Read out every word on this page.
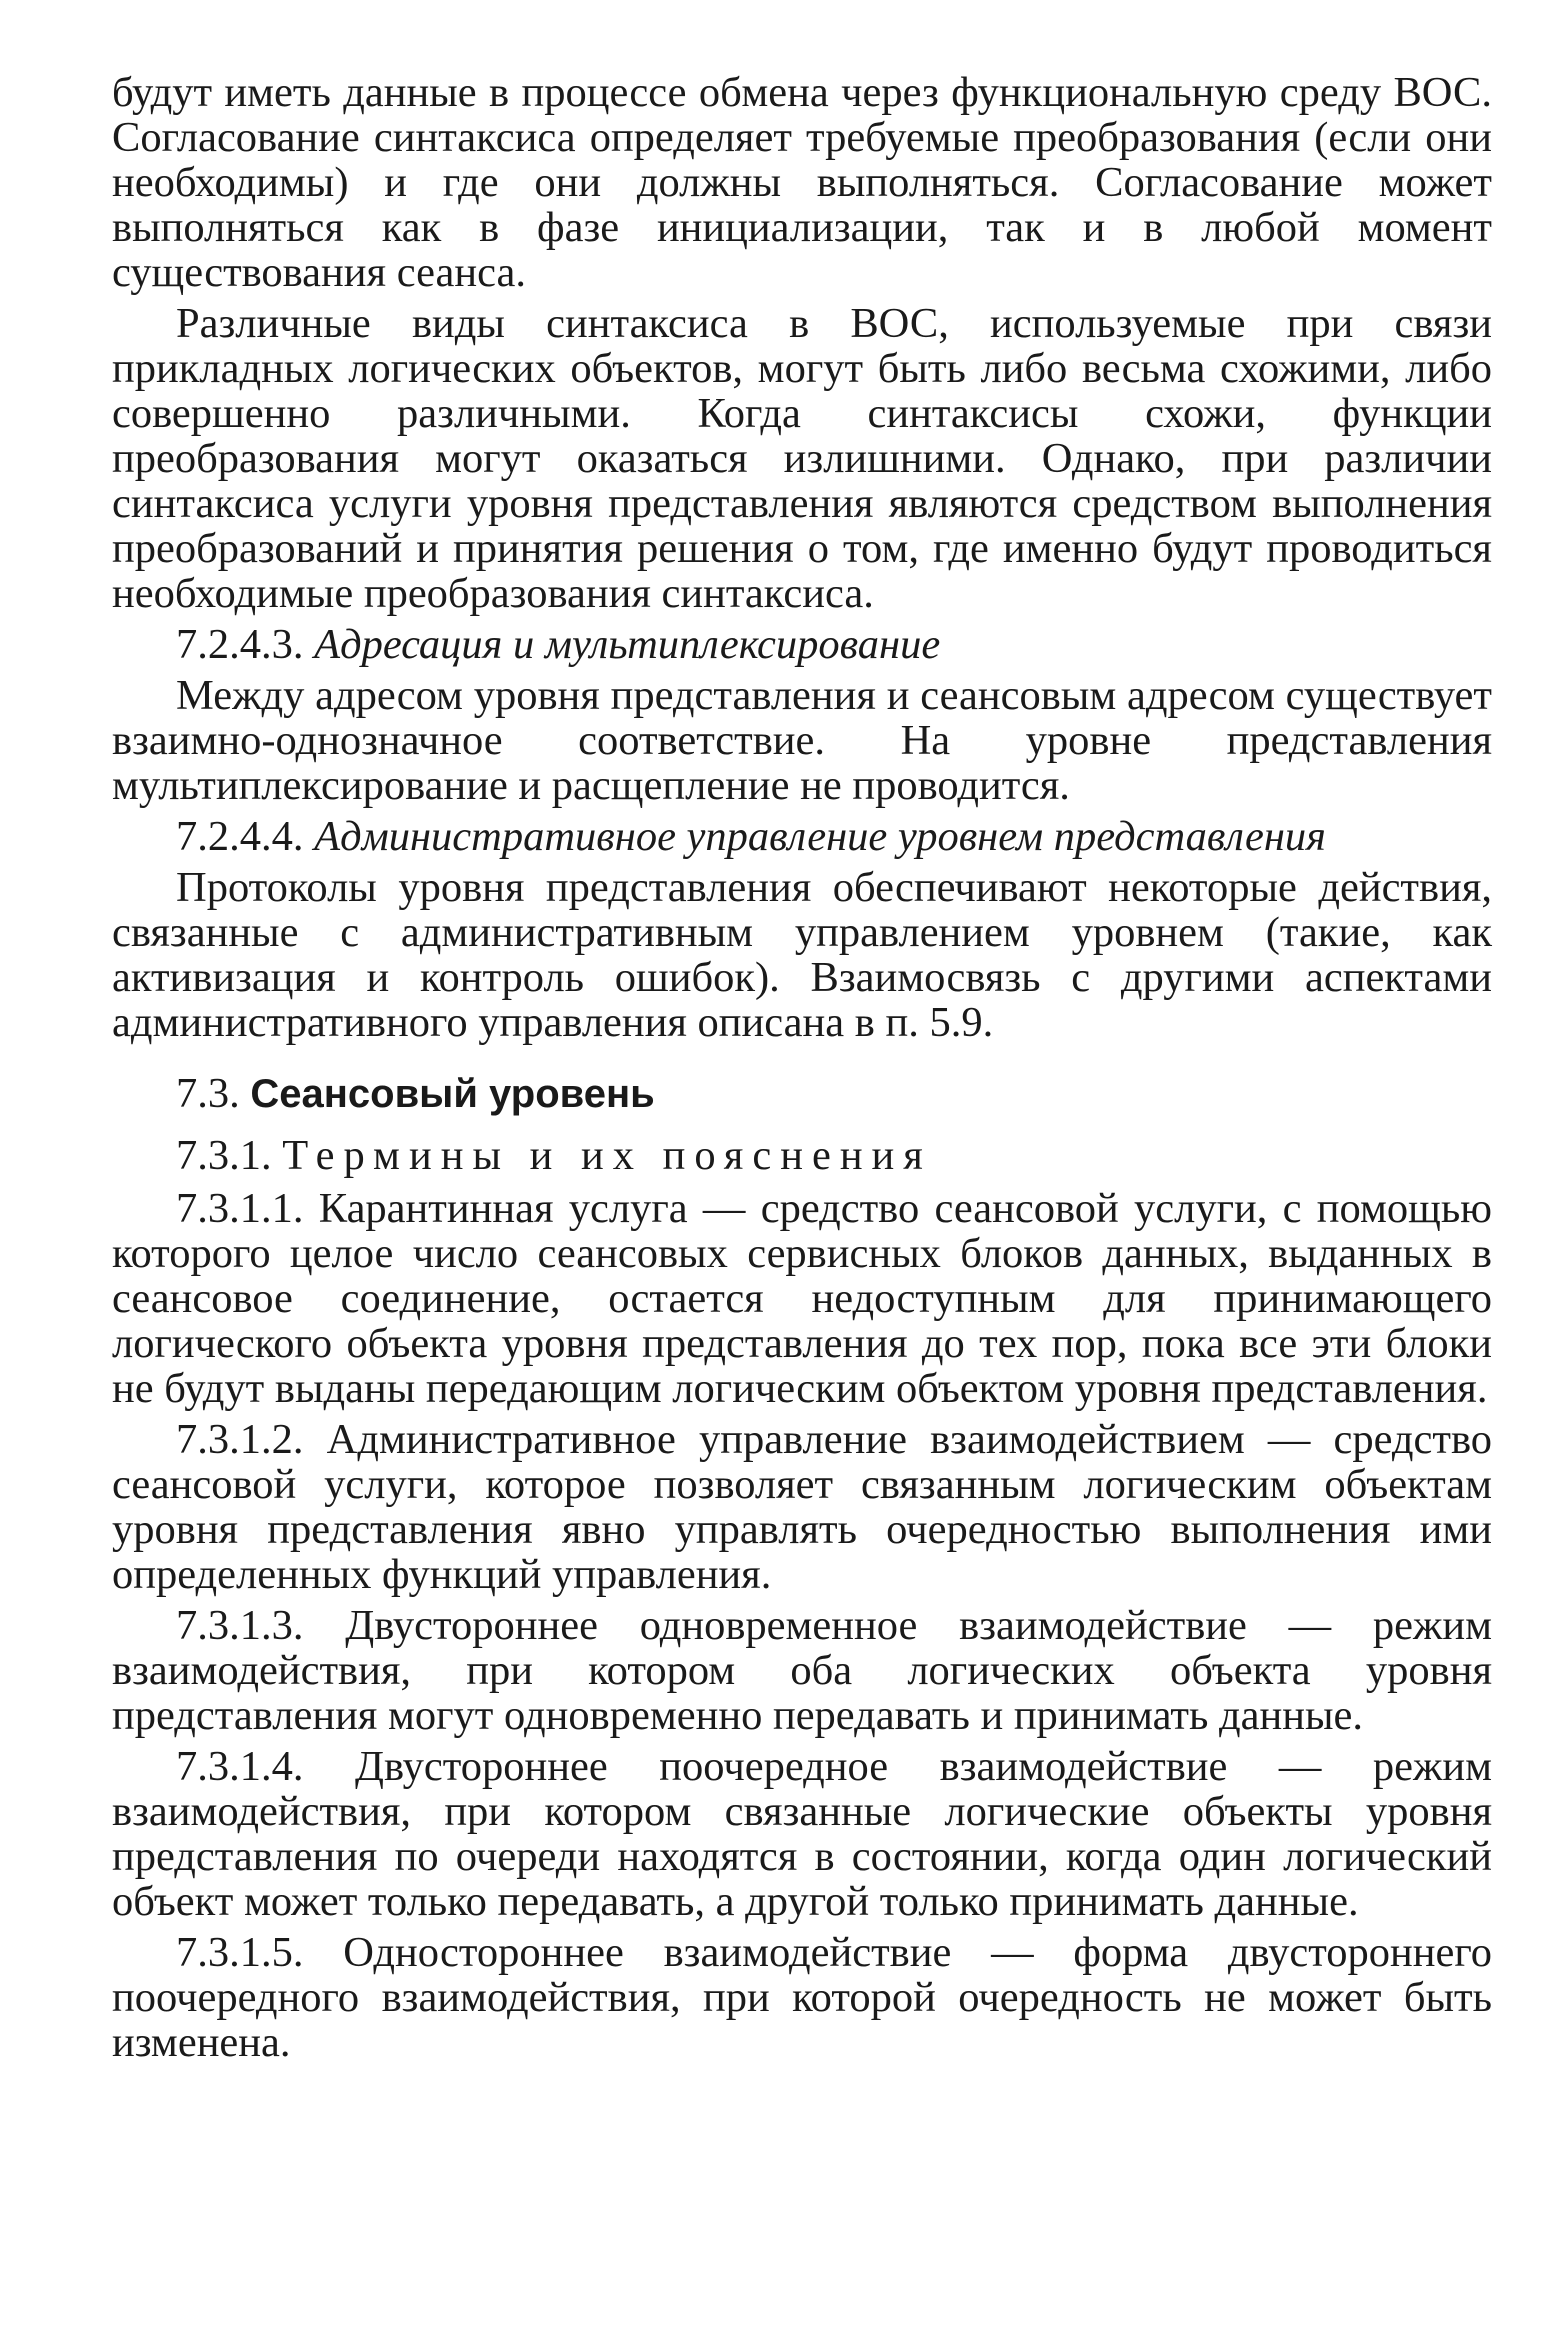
будут иметь данные в процессе обмена через функциональную среду ВОС. Согласование синтаксиса определяет требуемые преобразования (если они необходимы) и где они должны выполняться. Согласование может выполняться как в фазе инициализации, так и в любой момент существования сеанса.

Различные виды синтаксиса в ВОС, используемые при связи прикладных логических объектов, могут быть либо весьма схожими, либо совершенно различными. Когда синтаксисы схожи, функции преобразования могут оказаться излишними. Однако, при различии синтаксиса услуги уровня представления являются средством выполнения преобразований и принятия решения о том, где именно будут проводиться необходимые преобразования синтаксиса.

7.2.4.3. Адресация и мультиплексирование

Между адресом уровня представления и сеансовым адресом существует взаимно-однозначное соответствие. На уровне представления мультиплексирование и расщепление не проводится.

7.2.4.4. Административное управление уровнем представления

Протоколы уровня представления обеспечивают некоторые действия, связанные с административным управлением уровнем (такие, как активизация и контроль ошибок). Взаимосвязь с другими аспектами административного управления описана в п. 5.9.

7.3. Сеансовый уровень
7.3.1. Термины и их пояснения

7.3.1.1. Карантинная услуга — средство сеансовой услуги, с помощью которого целое число сеансовых сервисных блоков данных, выданных в сеансовое соединение, остается недоступным для принимающего логического объекта уровня представления до тех пор, пока все эти блоки не будут выданы передающим логическим объектом уровня представления.

7.3.1.2. Административное управление взаимодействием — средство сеансовой услуги, которое позволяет связанным логическим объектам уровня представления явно управлять очередностью выполнения ими определенных функций управления.

7.3.1.3. Двустороннее одновременное взаимодействие — режим взаимодействия, при котором оба логических объекта уровня представления могут одновременно передавать и принимать данные.

7.3.1.4. Двустороннее поочередное взаимодействие — режим взаимодействия, при котором связанные логические объекты уровня представления по очереди находятся в состоянии, когда один логический объект может только передавать, а другой только принимать данные.

7.3.1.5. Одностороннее взаимодействие — форма двустороннего поочередного взаимодействия, при которой очередность не может быть изменена.
